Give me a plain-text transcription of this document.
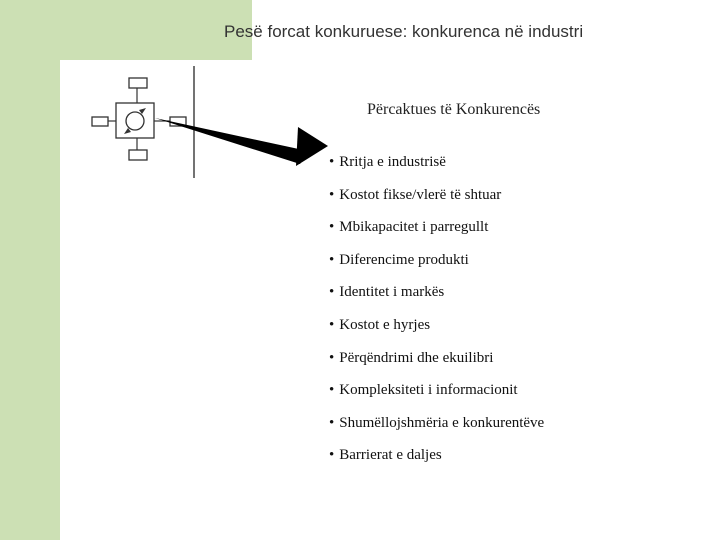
Pesë forcat konkuruese: konkurenca në industri
Përcaktues të Konkurencës
• Rritja e industrisë
• Kostot fikse/vlerë të shtuar
• Mbikapacitet i parregullt
• Diferencime produkti
• Identitet i markës
• Kostot e hyrjes
• Përqëndrimi dhe ekuilibri
• Kompleksiteti i informacionit
• Shumëllojshmëria e konkurentëve
• Barrierat e daljes
